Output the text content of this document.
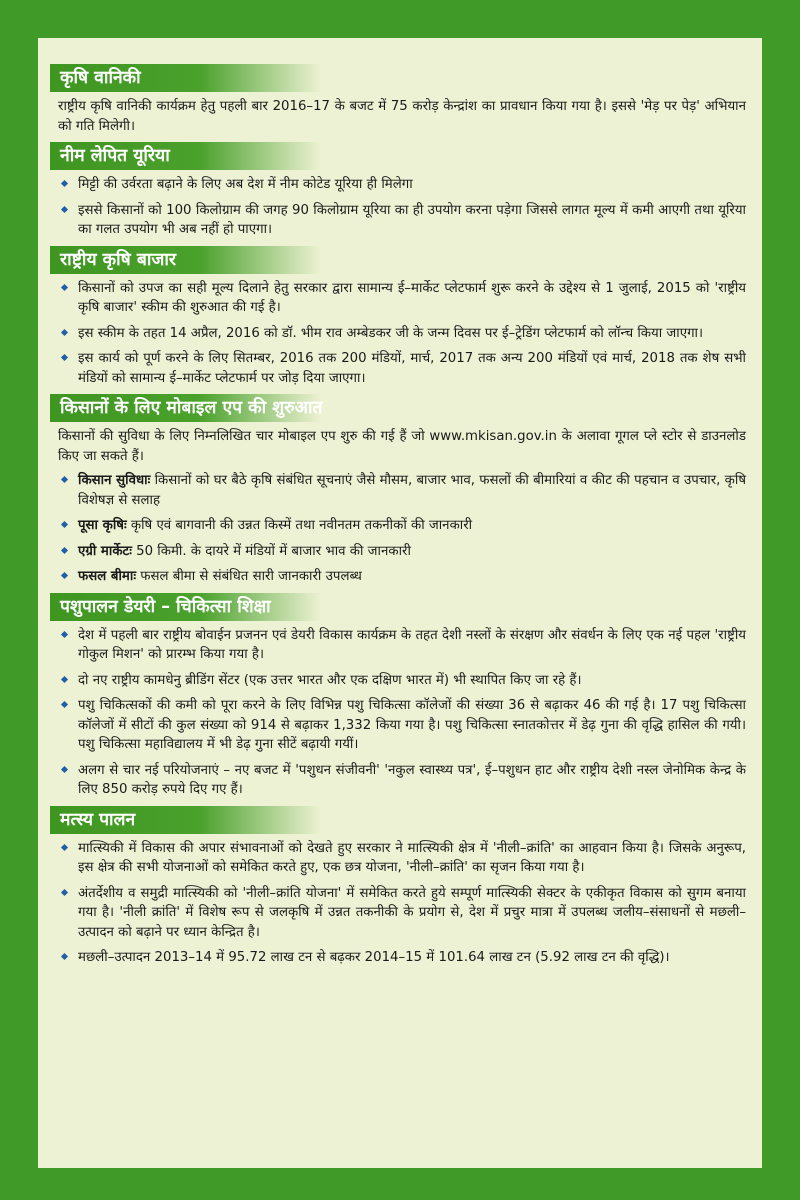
कृषि वानिकी

राष्ट्रीय कृषि वानिकी कार्यक्रम हेतु पहली बार 2016–17 के बजट में 75 करोड़ केन्द्रांश का प्रावधान किया गया है। इससे 'मेड़ पर पेड़' अभियान को गति मिलेगी।

नीम लेपित यूरिया
मिट्टी की उर्वरता बढ़ाने के लिए अब देश में नीम कोटेड यूरिया ही मिलेगा
इससे किसानों को 100 किलोग्राम की जगह 90 किलोग्राम यूरिया का ही उपयोग करना पड़ेगा जिससे लागत मूल्य में कमी आएगी तथा यूरिया का गलत उपयोग भी अब नहीं हो पाएगा।
राष्ट्रीय कृषि बाजार
किसानों को उपज का सही मूल्य दिलाने हेतु सरकार द्वारा सामान्य ई–मार्केट प्लेटफार्म शुरू करने के उद्देश्य से 1 जुलाई, 2015 को 'राष्ट्रीय कृषि बाजार' स्कीम की शुरुआत की गई है।
इस स्कीम के तहत 14 अप्रैल, 2016 को डॉ. भीम राव अम्बेडकर जी के जन्म दिवस पर ई–ट्रेडिंग प्लेटफार्म को लॉन्च किया जाएगा।
इस कार्य को पूर्ण करने के लिए सितम्बर, 2016 तक 200 मंडियों, मार्च, 2017 तक अन्य 200 मंडियों एवं मार्च, 2018 तक शेष सभी मंडियों को सामान्य ई–मार्केट प्लेटफार्म पर जोड़ दिया जाएगा।
किसानों के लिए मोबाइल एप की शुरुआत

किसानों की सुविधा के लिए निम्नलिखित चार मोबाइल एप शुरु की गई हैं जो www.mkisan.gov.in के अलावा गूगल प्ले स्टोर से डाउनलोड किए जा सकते हैं।

किसान सुविधाः किसानों को घर बैठे कृषि संबंधित सूचनाएं जैसे मौसम, बाजार भाव, फसलों की बीमारियां व कीट की पहचान व उपचार, कृषि विशेषज्ञ से सलाह
पूसा कृषिः कृषि एवं बागवानी की उन्नत किस्में तथा नवीनतम तकनीकों की जानकारी
एग्री मार्केटः 50 किमी. के दायरे में मंडियों में बाजार भाव की जानकारी
फसल बीमाः फसल बीमा से संबंधित सारी जानकारी उपलब्ध
पशुपालन डेयरी – चिकित्सा शिक्षा
देश में पहली बार राष्ट्रीय बोवाईन प्रजनन एवं डेयरी विकास कार्यक्रम के तहत देशी नस्लों के संरक्षण और संवर्धन के लिए एक नई पहल 'राष्ट्रीय गोकुल मिशन' को प्रारम्भ किया गया है।
दो नए राष्ट्रीय कामधेनु ब्रीडिंग सेंटर (एक उत्तर भारत और एक दक्षिण भारत में) भी स्थापित किए जा रहे हैं।
पशु चिकित्सकों की कमी को पूरा करने के लिए विभिन्न पशु चिकित्सा कॉलेजों की संख्या 36 से बढ़ाकर 46 की गई है। 17 पशु चिकित्सा कॉलेजों में सीटों की कुल संख्या को 914 से बढ़ाकर 1,332 किया गया है। पशु चिकित्सा स्नातकोत्तर में डेढ़ गुना की वृद्धि हासिल की गयी। पशु चिकित्सा महाविद्यालय में भी डेढ़ गुना सीटें बढ़ायी गयीं।
अलग से चार नई परियोजनाएं – नए बजट में 'पशुधन संजीवनी' 'नकुल स्वास्थ्य पत्र', ई–पशुधन हाट और राष्ट्रीय देशी नस्ल जेनोमिक केन्द्र के लिए 850 करोड़ रुपये दिए गए हैं।
मत्स्य पालन
मात्स्यिकी में विकास की अपार संभावनाओं को देखते हुए सरकार ने मात्स्यिकी क्षेत्र में 'नीली–क्रांति' का आहवान किया है। जिसके अनुरूप, इस क्षेत्र की सभी योजनाओं को समेकित करते हुए, एक छत्र योजना, 'नीली–क्रांति' का सृजन किया गया है।
अंतर्देशीय व समुद्री मात्स्यिकी को 'नीली–क्रांति योजना' में समेकित करते हुये सम्पूर्ण मात्स्यिकी सेक्टर के एकीकृत विकास को सुगम बनाया गया है। 'नीली क्रांति' में विशेष रूप से जलकृषि में उन्नत तकनीकी के प्रयोग से, देश में प्रचुर मात्रा में उपलब्ध जलीय–संसाधनों से मछली–उत्पादन को बढ़ाने पर ध्यान केन्द्रित है।
मछली–उत्पादन 2013–14 में 95.72 लाख टन से बढ़कर 2014–15 में 101.64 लाख टन (5.92 लाख टन की वृद्धि)।
